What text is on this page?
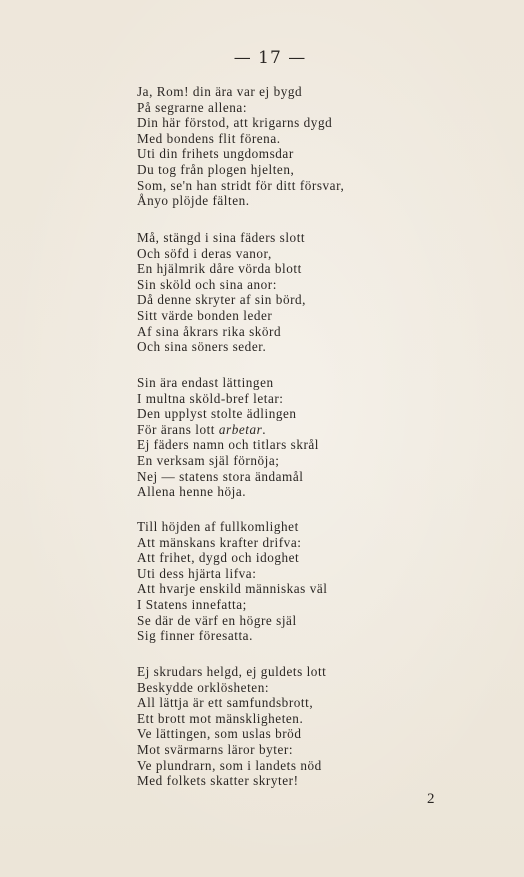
— 17 —
Ja, Rom! din ära var ej bygd
På segrarne allena:
Din här förstod, att krigarns dygd
Med bondens flit förena.
Uti din frihets ungdomsdar
Du tog från plogen hjelten,
Som, se'n han stridt för ditt försvar,
Ånyo plöjde fälten.
Må, stängd i sina fäders slott
Och söfd i deras vanor,
En hjälmrik dåre vörda blott
Sin sköld och sina anor:
Då denne skryter af sin börd,
Sitt värde bonden leder
Af sina åkrars rika skörd
Och sina söners seder.
Sin ära endast lättingen
I multna sköld-bref letar:
Den upplyst stolte ädlingen
För ärans lott arbetar.
Ej fäders namn och titlars skrål
En verksam själ förnöja;
Nej — statens stora ändamål
Allena henne höja.
Till höjden af fullkomlighet
Att mänskans krafter drifva:
Att frihet, dygd och idoghet
Uti dess hjärta lifva:
Att hvarje enskild människas väl
I Statens innefatta;
Se där de värf en högre själ
Sig finner föresatta.
Ej skrudars helgd, ej guldets lott
Beskydde orklösheten:
All lättja är ett samfundsbrott,
Ett brott mot mänskligheten.
Ve lättingen, som uslas bröd
Mot svärmarns läror byter:
Ve plundrarn, som i landets nöd
Med folkets skatter skryter!
2
